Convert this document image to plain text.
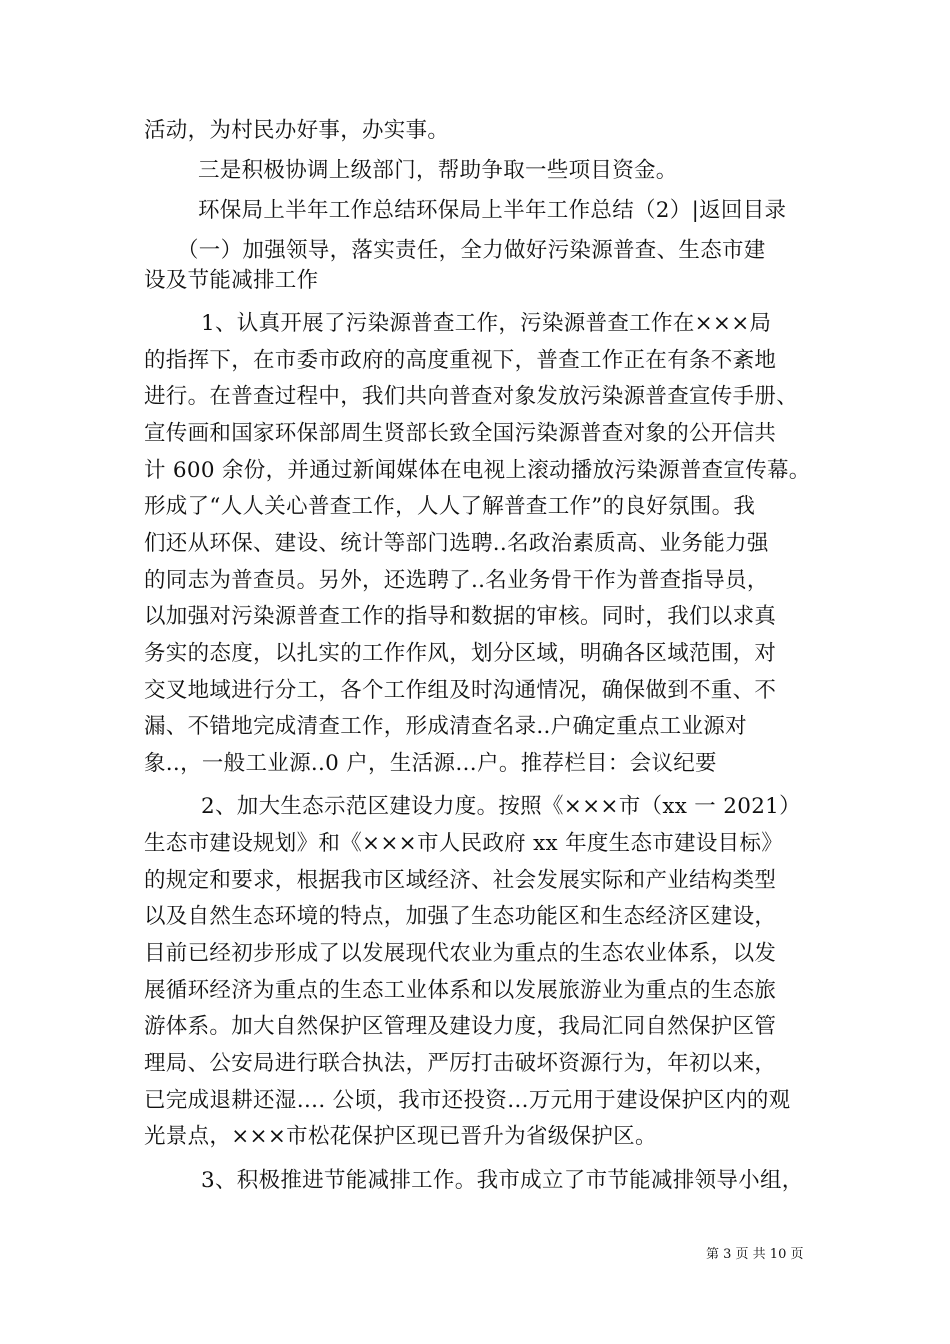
活动，为村民办好事，办实事。
三是积极协调上级部门，帮助争取一些项目资金。
环保局上半年工作总结环保局上半年工作总结（2）|返回目录
（一）加强领导，落实责任，全力做好污染源普查、生态市建
设及节能减排工作
1、认真开展了污染源普查工作，污染源普查工作在×××局
的指挥下，在市委市政府的高度重视下，普查工作正在有条不紊地
进行。在普查过程中，我们共向普查对象发放污染源普查宣传手册、
宣传画和国家环保部周生贤部长致全国污染源普查对象的公开信共
计 600 余份，并通过新闻媒体在电视上滚动播放污染源普查宣传幕。
形成了“人人关心普查工作，人人了解普查工作”的良好氛围。我
们还从环保、建设、统计等部门选聘..名政治素质高、业务能力强
的同志为普查员。另外，还选聘了..名业务骨干作为普查指导员，
以加强对污染源普查工作的指导和数据的审核。同时，我们以求真
务实的态度，以扎实的工作作风，划分区域，明确各区域范围，对
交叉地域进行分工，各个工作组及时沟通情况，确保做到不重、不
漏、不错地完成清查工作，形成清查名录..户确定重点工业源对
象..，一般工业源..0 户，生活源…户。推荐栏目：会议纪要
2、加大生态示范区建设力度。按照《×××市（xx 一 2021）
生态市建设规划》和《×××市人民政府 xx 年度生态市建设目标》
的规定和要求，根据我市区域经济、社会发展实际和产业结构类型
以及自然生态环境的特点，加强了生态功能区和生态经济区建设，
目前已经初步形成了以发展现代农业为重点的生态农业体系，以发
展循环经济为重点的生态工业体系和以发展旅游业为重点的生态旅
游体系。加大自然保护区管理及建设力度，我局汇同自然保护区管
理局、公安局进行联合执法，严厉打击破坏资源行为，年初以来，
已完成退耕还湿…. 公顷，我市还投资…万元用于建设保护区内的观
光景点，×××市松花保护区现已晋升为省级保护区。
3、积极推进节能减排工作。我市成立了市节能减排领导小组，
第 3 页 共 10 页
